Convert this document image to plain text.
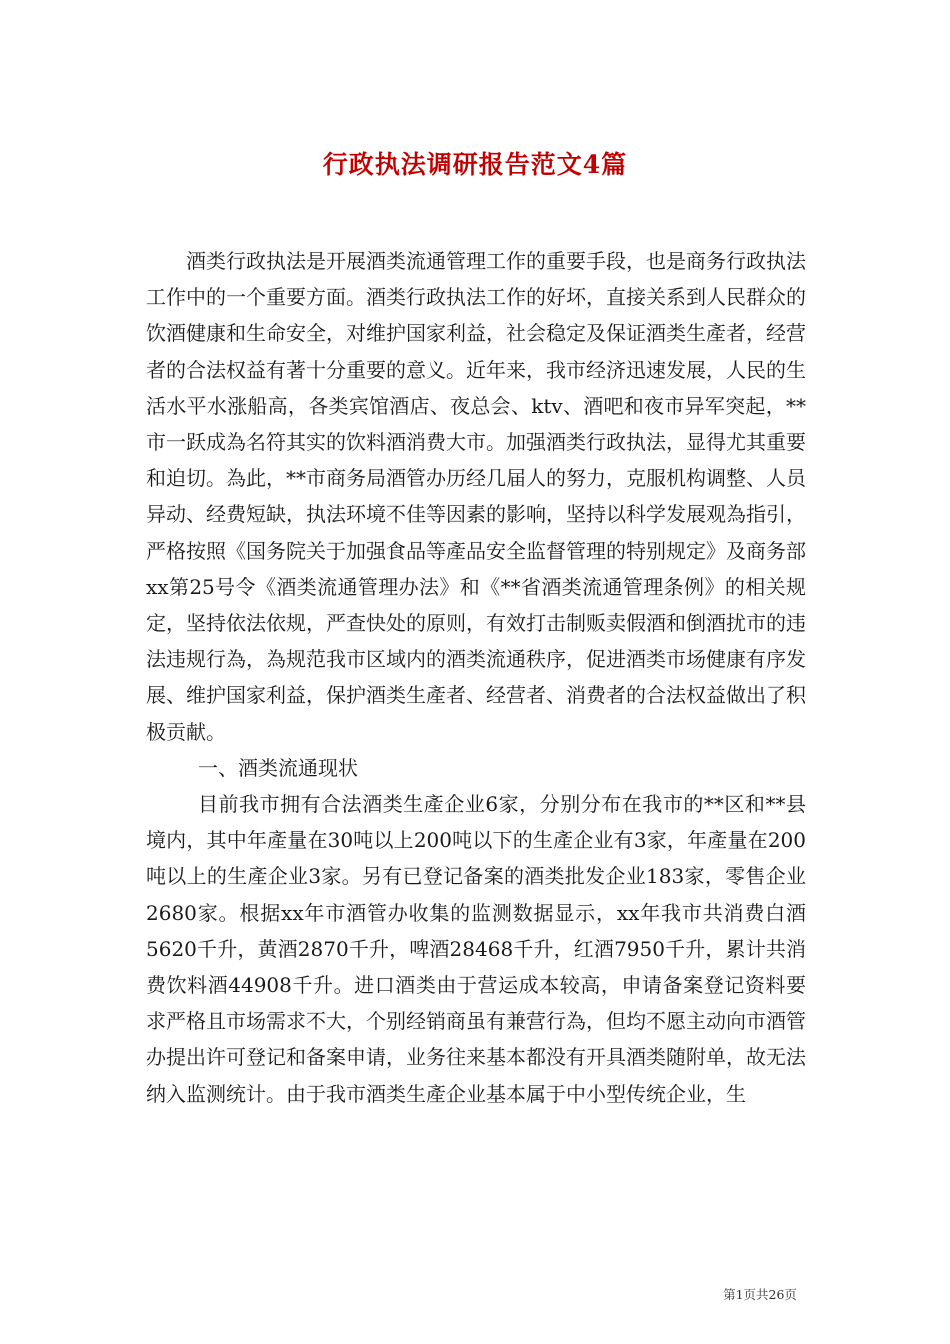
行政执法调研报告范文4篇

酒类行政执法是开展酒类流通管理工作的重要手段，也是商务行政执法工作中的一个重要方面。酒类行政执法工作的好坏，直接关系到人民群众的饮酒健康和生命安全，对维护国家利益，社会稳定及保证酒类生產者，经营者的合法权益有著十分重要的意义。近年来，我市经济迅速发展，人民的生活水平水涨船高，各类宾馆酒店、夜总会、ktv、酒吧和夜市异军突起，**市一跃成為名符其实的饮料酒消费大市。加强酒类行政执法，显得尤其重要和迫切。為此，**市商务局酒管办历经几届人的努力，克服机构调整、人员异动、经费短缺，执法环境不佳等因素的影响，坚持以科学发展观為指引，严格按照《国务院关于加强食品等產品安全监督管理的特别规定》及商务部xx第25号令《酒类流通管理办法》和《**省酒类流通管理条例》的相关规定，坚持依法依规，严查快处的原则，有效打击制贩卖假酒和倒酒扰市的违法违规行為，為规范我市区域内的酒类流通秩序，促进酒类市场健康有序发展、维护国家利益，保护酒类生產者、经营者、消费者的合法权益做出了积极贡献。

一、酒类流通现状

目前我市拥有合法酒类生產企业6家，分别分布在我市的**区和**县境内，其中年產量在30吨以上200吨以下的生產企业有3家，年產量在200吨以上的生產企业3家。另有已登记备案的酒类批发企业183家，零售企业2680家。根据xx年市酒管办收集的监测数据显示，xx年我市共消费白酒5620千升，黄酒2870千升，啤酒28468千升，红酒7950千升，累计共消费饮料酒44908千升。进口酒类由于营运成本较高，申请备案登记资料要求严格且市场需求不大，个别经销商虽有兼营行為，但均不愿主动向市酒管办提出许可登记和备案申请，业务往来基本都没有开具酒类随附单，故无法纳入监测统计。由于我市酒类生產企业基本属于中小型传统企业，生

第1页共26页
